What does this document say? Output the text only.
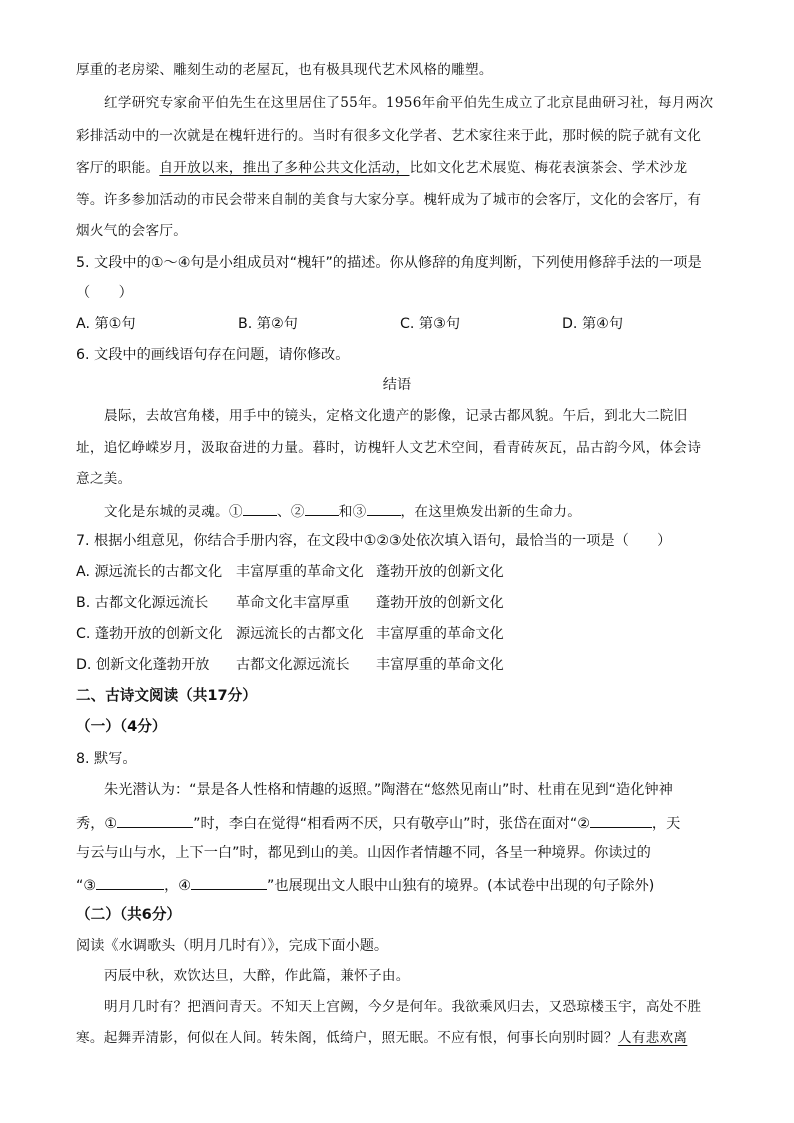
厚重的老房梁、雕刻生动的老屋瓦，也有极具现代艺术风格的雕塑。
红学研究专家俞平伯先生在这里居住了55年。1956年俞平伯先生成立了北京昆曲研习社，每月两次
彩排活动中的一次就是在槐轩进行的。当时有很多文化学者、艺术家往来于此，那时候的院子就有文化
客厅的职能。自开放以来，推出了多种公共文化活动，比如文化艺术展览、梅花表演茶会、学术沙龙
等。许多参加活动的市民会带来自制的美食与大家分享。槐轩成为了城市的会客厅，文化的会客厅，有
烟火气的会客厅。
5. 文段中的①～④句是小组成员对“槐轩”的描述。你从修辞的角度判断，下列使用修辞手法的一项是
（　　）
A. 第①句	B. 第②句	C. 第③句	D. 第④句
6. 文段中的画线语句存在问题，请你修改。
结语
晨际，去故宫角楼，用手中的镜头，定格文化遗产的影像，记录古都风貌。午后，到北大二院旧
址，追忆峥嵘岁月，汲取奋进的力量。暮时，访槐轩人文艺术空间，看青砖灰瓦，品古韵今风，体会诗
意之美。
文化是东城的灵魂。①	、②	和③	，在这里焕发出新的生命力。
7. 根据小组意见，你结合手册内容，在文段中①②③处依次填入语句，最恰当的一项是（　　）
A. 源远流长的古都文化 丰富厚重的革命文化 蓬勃开放的创新文化
B. 古都文化源远流长 革命文化丰富厚重 蓬勃开放的创新文化
C. 蓬勃开放的创新文化 源远流长的古都文化 丰富厚重的革命文化
D. 创新文化蓬勃开放 古都文化源远流长 丰富厚重的革命文化
二、古诗文阅读（共17分）
（一）（4分）
8. 默写。
朱光潜认为：“景是各人性格和情趣的返照。”陶潜在“悠然见南山”时、杜甫在见到“造化钟神
秀，①	”时，李白在觉得“相看两不厌，只有敬亭山”时，张岱在面对“②	，天
与云与山与水，上下一白”时，都见到山的美。山因作者情趣不同，各呈一种境界。你读过的
“③	，④	”也展现出文人眼中山独有的境界。(本试卷中出现的句子除外)
（二）（共6分）
阅读《水调歌头（明月几时有）》，完成下面小题。
丙辰中秋，欢饮达旦，大醉，作此篇，兼怀子由。
明月几时有？把酒问青天。不知天上宫阙，今夕是何年。我欲乘风归去，又恐琼楼玉宇，高处不胜
寒。起舞弄清影，何似在人间。转朱阁，低绮户，照无眠。不应有恨，何事长向别时圆？人有悲欢离
